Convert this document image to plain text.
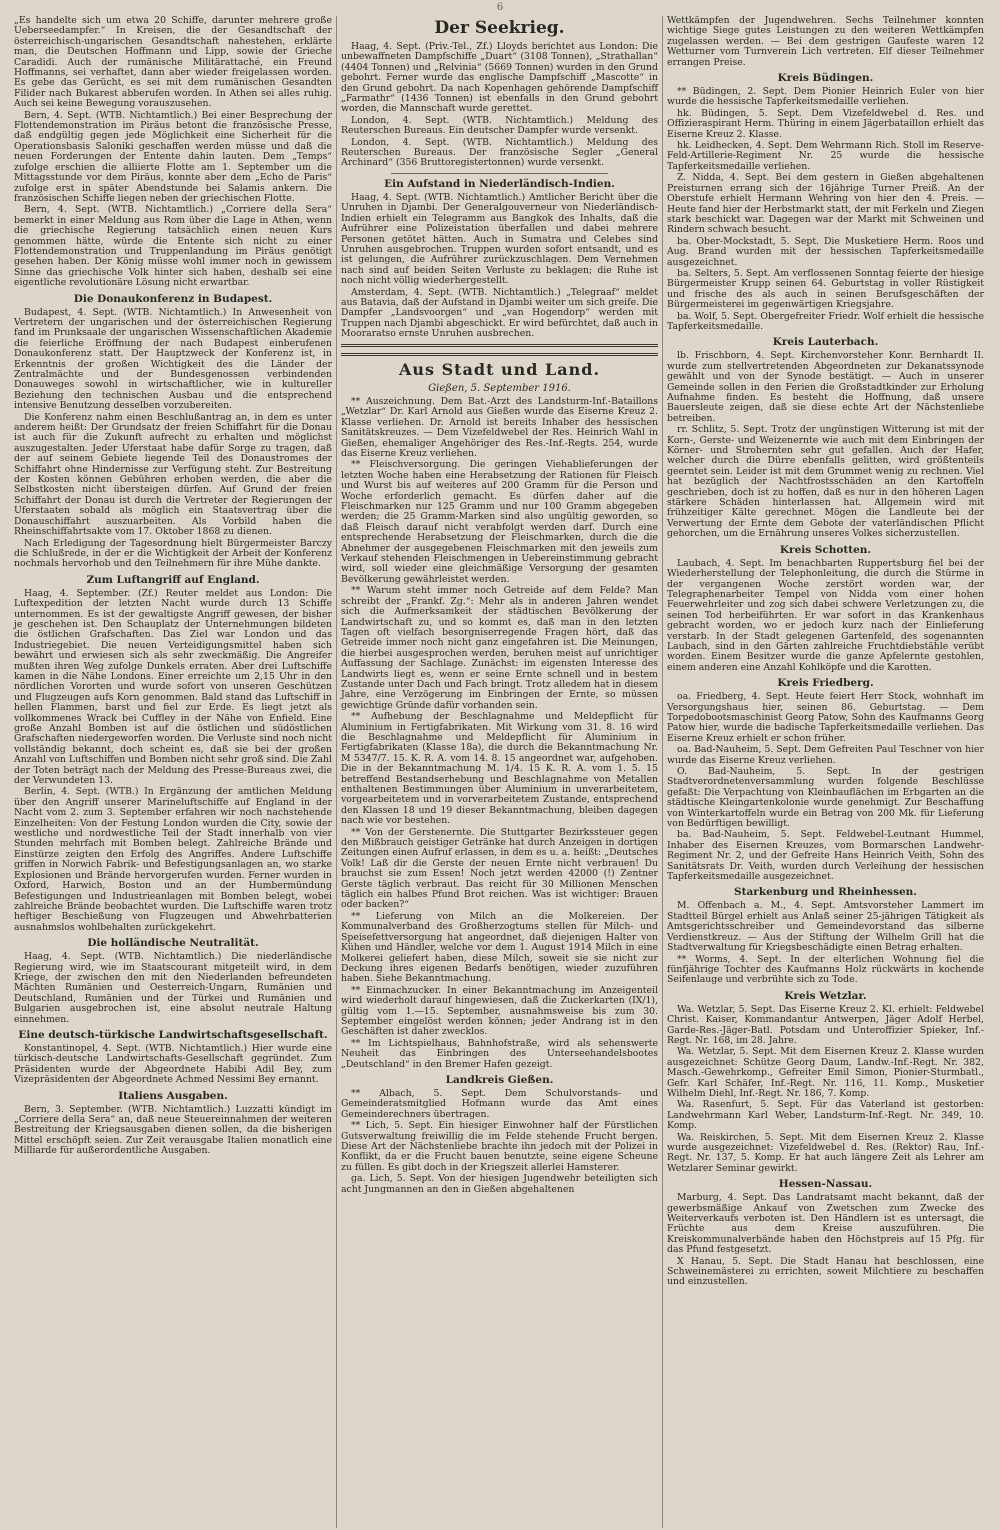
6

„Es handelte sich um etwa 20 Schiffe, darunter mehrere große Ueberseedampfer.“ In Kreisen, die der Gesandtschaft der österreichisch-ungarischen Gesandtschaft nahestehen, erklärte man, die Deutschen Hoffmann und Lipp, sowie der Grieche Caradidi. Auch der rumänische Militärattaché, ein Freund Hoffmanns, sei verhaftet, dann aber wieder freigelassen worden. Es gebe das Gerücht, es sei mit dem rumänischen Gesandten Filider nach Bukarest abberufen worden. In Athen sei alles ruhig. Auch sei keine Bewegung vorauszusehen.

Bern, 4. Sept. (WTB. Nichtamtlich.) Bei einer Besprechung der Flottendemonstration im Piräus betont die französische Presse, daß endgültig gegen jede Möglichkeit eine Sicherheit für die Operationsbasis Saloniki geschaffen werden müsse und daß die neuen Forderungen der Entente dahin lauten. Dem „Temps“ zufolge erschien die alliierte Flotte am 1. September um die Mittagsstunde vor dem Piräus, konnte aber dem „Echo de Paris“ zufolge erst in später Abendstunde bei Salamis ankern. Die französischen Schiffe liegen neben der griechischen Flotte.

Bern, 4. Sept. (WTB. Nichtamtlich.) „Corriere della Sera“ bemerkt in einer Meldung aus Rom über die Lage in Athen, wenn die griechische Regierung tatsächlich einen neuen Kurs genommen hätte, würde die Entente sich nicht zu einer Flottendemonstration und Truppenlandung im Piräus genötigt gesehen haben. Der König müsse wohl immer noch in gewissem Sinne das griechische Volk hinter sich haben, deshalb sei eine eigentliche revolutionäre Lösung nicht erwartbar.

Die Donaukonferenz in Budapest.

Budapest, 4. Sept. (WTB. Nichtamtlich.) In Anwesenheit von Vertretern der ungarischen und der österreichischen Regierung fand im Prunksaale der ungarischen Wissenschaftlichen Akademie die feierliche Eröffnung der nach Budapest einberufenen Donaukonferenz statt. Der Hauptzweck der Konferenz ist, in Erkenntnis der großen Wichtigkeit des die Länder der Zentralmächte und der Bundesgenossen verbindenden Donauweges sowohl in wirtschaftlicher, wie in kultureller Beziehung den technischen Ausbau und die entsprechend intensive Benutzung desselben vorzubereiten.

Die Konferenz nahm einen Beschlußantrag an, in dem es unter anderem heißt: Der Grundsatz der freien Schiffahrt für die Donau ist auch für die Zukunft aufrecht zu erhalten und möglichst auszugestalten. Jeder Uferstaat habe dafür Sorge zu tragen, daß der auf seinem Gebiete liegende Teil des Donaustromes der Schiffahrt ohne Hindernisse zur Verfügung steht. Zur Bestreitung der Kosten können Gebühren erhoben werden, die aber die Selbstkosten nicht übersteigen dürfen. Auf Grund der freien Schiffahrt der Donau ist durch die Vertreter der Regierungen der Uferstaaten sobald als möglich ein Staatsvertrag über die Donauschiffahrt auszuarbeiten. Als Vorbild haben die Rheinschiffahrtsakte vom 17. Oktober 1868 zu dienen.

Nach Erledigung der Tagesordnung hielt Bürgermeister Barczy die Schlußrede, in der er die Wichtigkeit der Arbeit der Konferenz nochmals hervorhob und den Teilnehmern für ihre Mühe dankte.

Zum Luftangriff auf England.

Haag, 4. September. (Zf.) Reuter meldet aus London: Die Luftexpedition der letzten Nacht wurde durch 13 Schiffe unternommen. Es ist der gewaltigste Angriff gewesen, der bisher je geschehen ist. Den Schauplatz der Unternehmungen bildeten die östlichen Grafschaften. Das Ziel war London und das Industriegebiet. Die neuen Verteidigungsmittel haben sich bewährt und erwiesen sich als sehr zweckmäßig. Die Angreifer mußten ihren Weg zufolge Dunkels erraten. Aber drei Luftschiffe kamen in die Nähe Londons. Einer erreichte um 2,15 Uhr in den nördlichen Vororten und wurde sofort von unseren Geschützen und Flugzeugen aufs Korn genommen. Bald stand das Luftschiff in hellen Flammen, barst und fiel zur Erde. Es liegt jetzt als vollkommenes Wrack bei Cuffley in der Nähe von Enfield. Eine große Anzahl Bomben ist auf die östlichen und südöstlichen Grafschaften niedergeworfen worden. Die Verluste sind noch nicht vollständig bekannt, doch scheint es, daß sie bei der großen Anzahl von Luftschiffen und Bomben nicht sehr groß sind. Die Zahl der Toten beträgt nach der Meldung des Presse-Bureaus zwei, die der Verwundeten 13.

Berlin, 4. Sept. (WTB.) In Ergänzung der amtlichen Meldung über den Angriff unserer Marineluftschiffe auf England in der Nacht vom 2. zum 3. September erfahren wir noch nachstehende Einzelheiten: Von der Festung London wurden die City, sowie der westliche und nordwestliche Teil der Stadt innerhalb von vier Stunden mehrfach mit Bomben belegt. Zahlreiche Brände und Einstürze zeigten den Erfolg des Angriffes. Andere Luftschiffe griffen in Norwich Fabrik- und Befestigungsanlagen an, wo starke Explosionen und Brände hervorgerufen wurden. Ferner wurden in Oxford, Harwich, Boston und an der Humbermündung Befestigungen und Industrieanlagen mit Bomben belegt, wobei zahlreiche Brände beobachtet wurden. Die Luftschiffe waren trotz heftiger Beschießung von Flugzeugen und Abwehrbatterien ausnahmslos wohlbehalten zurückgekehrt.

Die holländische Neutralität.

Haag, 4. Sept. (WTB. Nichtamtlich.) Die niederländische Regierung wird, wie im Staatscourant mitgeteilt wird, in dem Kriege, der zwischen den mit den Niederlanden befreundeten Mächten Rumänien und Oesterreich-Ungarn, Rumänien und Deutschland, Rumänien und der Türkei und Rumänien und Bulgarien ausgebrochen ist, eine absolut neutrale Haltung einnehmen.

Eine deutsch-türkische Landwirtschaftsgesellschaft.

Konstantinopel, 4. Sept. (WTB. Nichtamtlich.) Hier wurde eine türkisch-deutsche Landwirtschafts-Gesellschaft gegründet. Zum Präsidenten wurde der Abgeordnete Habibi Adil Bey, zum Vizepräsidenten der Abgeordnete Achmed Nessimi Bey ernannt.

Italiens Ausgaben.

Bern, 3. September. (WTB. Nichtamtlich.) Luzzatti kündigt im „Corriere della Sera“ an, daß neue Steuereinnahmen der weiteren Bestreitung der Kriegsausgaben dienen sollen, da die bisherigen Mittel erschöpft seien. Zur Zeit verausgabe Italien monatlich eine Milliarde für außerordentliche Ausgaben.

Der Seekrieg.

Haag, 4. Sept. (Priv.-Tel., Zf.) Lloyds berichtet aus London: Die unbewaffneten Dampfschiffe „Duart“ (3108 Tonnen), „Strathallan“ (4404 Tonnen) und „Relvinia“ (5669 Tonnen) wurden in den Grund gebohrt. Ferner wurde das englische Dampfschiff „Mascotte“ in den Grund gebohrt. Da nach Kopenhagen gehörende Dampfschiff „Farmathr“ (1436 Tonnen) ist ebenfalls in den Grund gebohrt worden, die Mannschaft wurde gerettet.

London, 4. Sept. (WTB. Nichtamtlich.) Meldung des Reuterschen Bureaus. Ein deutscher Dampfer wurde versenkt.

London, 4. Sept. (WTB. Nichtamtlich.) Meldung des Reuterschen Bureaus. Der französische Segler „General Archinard“ (356 Bruttoregistertonnen) wurde versenkt.

Ein Aufstand in Niederländisch-Indien.

Haag, 4. Sept. (WTB. Nichtamtlich.) Amtlicher Bericht über die Unruhen in Djambi. Der Generalgouverneur von Niederländisch-Indien erhielt ein Telegramm aus Bangkok des Inhalts, daß die Aufrührer eine Polizeistation überfallen und dabei mehrere Personen getötet hätten. Auch in Sumatra und Celebes sind Unruhen ausgebrochen. Truppen wurden sofort entsandt, und es ist gelungen, die Aufrührer zurückzuschlagen. Dem Vernehmen nach sind auf beiden Seiten Verluste zu beklagen; die Ruhe ist noch nicht völlig wiederhergestellt.

Amsterdam, 4. Sept. (WTB. Nichtamtlich.) „Telegraaf“ meldet aus Batavia, daß der Aufstand in Djambi weiter um sich greife. Die Dampfer „Landsvoorgen“ und „van Hogendorp“ werden mit Truppen nach Djambi abgeschickt. Er wird befürchtet, daß auch in Mooraratso ernste Unruhen ausbrechen.

Aus Stadt und Land.
Gießen, 5. September 1916.

** Auszeichnung. Dem Bat.-Arzt des Landsturm-Inf.-Bataillons „Wetzlar“ Dr. Karl Arnold aus Gießen wurde das Eiserne Kreuz 2. Klasse verliehen. Dr. Arnold ist bereits Inhaber des hessischen Sanitätskreuzes. — Dem Vizefeldwebel der Res. Heinrich Wahl in Gießen, ehemaliger Angehöriger des Res.-Inf.-Regts. 254, wurde das Eiserne Kreuz verliehen.

** Fleischversorgung. Die geringen Viehablieferungen der letzten Woche haben eine Herabsetzung der Rationen für Fleisch und Wurst bis auf weiteres auf 200 Gramm für die Person und Woche erforderlich gemacht. Es dürfen daher auf die Fleischmarken nur 125 Gramm und nur 100 Gramm abgegeben werden; die 25 Gramm-Marken sind also ungültig geworden, so daß Fleisch darauf nicht verabfolgt werden darf. Durch eine entsprechende Herabsetzung der Fleischmarken, durch die die Abnehmer der ausgegebenen Fleischmarken mit den jeweils zum Verkauf stehenden Fleischmengen in Uebereinstimmung gebracht wird, soll wieder eine gleichmäßige Versorgung der gesamten Bevölkerung gewährleistet werden.

** Warum steht immer noch Getreide auf dem Felde? Man schreibt der „Frankf. Zg.“: Mehr als in anderen Jahren wendet sich die Aufmerksamkeit der städtischen Bevölkerung der Landwirtschaft zu, und so kommt es, daß man in den letzten Tagen oft vielfach besorgniserregende Fragen hört, daß das Getreide immer noch nicht ganz eingefahren ist. Die Meinungen, die hierbei ausgesprochen werden, beruhen meist auf unrichtiger Auffassung der Sachlage. Zunächst: im eigensten Interesse des Landwirts liegt es, wenn er seine Ernte schnell und in bestem Zustande unter Dach und Fach bringt. Trotz alledem hat in diesem Jahre, eine Verzögerung im Einbringen der Ernte, so müssen gewichtige Gründe dafür vorhanden sein.

** Aufhebung der Beschlagnahme und Meldepflicht für Aluminium in Fertigfabrikaten. Mit Wirkung vom 31. 8. 16 wird die Beschlagnahme und Meldepflicht für Aluminium in Fertigfabrikaten (Klasse 18a), die durch die Bekanntmachung Nr. M 5347/7. 15. K. R. A. vom 14. 8. 15 angeordnet war, aufgehoben. Die in der Bekanntmachung M. 1/4. 15 K. R. A. vom 1. 5. 15 betreffend Bestandserhebung und Beschlagnahme von Metallen enthaltenen Bestimmungen über Aluminium in unverarbeitetem, vorgearbeitetem und in vorverarbeitetem Zustande, entsprechend den Klassen 18 und 19 dieser Bekanntmachung, bleiben dagegen nach wie vor bestehen.

** Von der Gerstenernte. Die Stuttgarter Bezirkssteuer gegen den Mißbrauch geistiger Getränke hat durch Anzeigen in dortigen Zeitungen einen Aufruf erlassen, in dem es u. a. heißt: „Deutsches Volk! Laß dir die Gerste der neuen Ernte nicht verbrauen! Du brauchst sie zum Essen! Noch jetzt werden 42000 (!) Zentner Gerste täglich verbraut. Das reicht für 30 Millionen Menschen täglich ein halbes Pfund Brot reichen. Was ist wichtiger: Brauen oder backen?“

** Lieferung von Milch an die Molkereien. Der Kommunalverband des Großherzogtums stellen für Milch- und Speisefettversorgung hat angeordnet, daß diejenigen Halter von Kühen und Händler, welche vor dem 1. August 1914 Milch in eine Molkerei geliefert haben, diese Milch, soweit sie sie nicht zur Deckung ihres eigenen Bedarfs benötigen, wieder zuzuführen haben. Siehe Bekanntmachung.

** Einmachzucker. In einer Bekanntmachung im Anzeigenteil wird wiederholt darauf hingewiesen, daß die Zuckerkarten (IX/1), gültig vom 1.—15. September, ausnahmsweise bis zum 30. September eingelöst werden können; jeder Andrang ist in den Geschäften ist daher zwecklos.

** Im Lichtspielhaus, Bahnhofstraße, wird als sehenswerte Neuheit das Einbringen des Unterseehandelsbootes „Deutschland“ in den Bremer Hafen gezeigt.

Landkreis Gießen.

** Albach, 5. Sept. Dem Schulvorstands- und Gemeinderatsmitglied Hofmann wurde das Amt eines Gemeinderechners übertragen.

** Lich, 5. Sept. Ein hiesiger Einwohner half der Fürstlichen Gutsverwaltung freiwillig die im Felde stehende Frucht bergen. Diese Art der Nächstenliebe brachte ihn jedoch mit der Polizei in Konflikt, da er die Frucht bauen benutzte, seine eigene Scheune zu füllen. Es gibt doch in der Kriegszeit allerlei Hamsterer.

ga. Lich, 5. Sept. Von der hiesigen Jugendwehr beteiligten sich acht Jungmannen an den in Gießen abgehaltenen

Wettkämpfen der Jugendwehren. Sechs Teilnehmer konnten wichtige Siege gutes Leistungen zu den weiteren Wettkämpfen zugelassen werden. — Bei dem gestrigen Gaufeste waren 12 Wetturner vom Turnverein Lich vertreten. Elf dieser Teilnehmer errangen Preise.

Kreis Büdingen.

** Büdingen, 2. Sept. Dem Pionier Heinrich Euler von hier wurde die hessische Tapferkeitsmedaille verliehen.

hk. Büdingen, 5. Sept. Dem Vizefeldwebel d. Res. und Offizieraspirant Herm. Thüring in einem Jägerbataillon erhielt das Eiserne Kreuz 2. Klasse.

hk. Leidhecken, 4. Sept. Dem Wehrmann Rich. Stoll im Reserve-Feld-Artillerie-Regiment Nr. 25 wurde die hessische Tapferkeitsmedaille verliehen.

Z. Nidda, 4. Sept. Bei dem gestern in Gießen abgehaltenen Preisturnen errang sich der 16jährige Turner Preiß. An der Oberstufe erhielt Hermann Wehring von hier den 4. Preis. — Heute fand hier der Herbstmarkt statt, der mit Ferkeln und Ziegen stark beschickt war. Dagegen war der Markt mit Schweinen und Rindern schwach besucht.

ba. Ober-Mockstadt, 5. Sept. Die Musketiere Herm. Roos und Aug. Brand wurden mit der hessischen Tapferkeitsmedaille ausgezeichnet.

ba. Selters, 5. Sept. Am verflossenen Sonntag feierte der hiesige Bürgermeister Krupp seinen 64. Geburtstag in voller Rüstigkeit und frische des als auch in seinen Berufsgeschäften der Bürgermeisterei im gegenwärtigen Kriegsjahre.

ba. Wolf, 5. Sept. Obergefreiter Friedr. Wolf erhielt die hessische Tapferkeitsmedaille.

Kreis Lauterbach.

lb. Frischborn, 4. Sept. Kirchenvorsteher Konr. Bernhardt II. wurde zum stellvertretenden Abgeordneten zur Dekanatssynode gewählt und von der Synode bestätigt. — Auch in unserer Gemeinde sollen in den Ferien die Großstadtkinder zur Erholung Aufnahme finden. Es besteht die Hoffnung, daß unsere Bauersleute zeigen, daß sie diese echte Art der Nächstenliebe betreiben.

rr. Schlitz, 5. Sept. Trotz der ungünstigen Witterung ist mit der Korn-, Gerste- und Weizenernte wie auch mit dem Einbringen der Körner- und Strohernten sehr gut gefallen. Auch der Hafer, welcher durch die Dürre ebenfalls gelitten, wird größtenteils geerntet sein. Leider ist mit dem Grummet wenig zu rechnen. Viel hat bezüglich der Nachtfrostsschäden an den Kartoffeln geschrieben, doch ist zu hoffen, daß es nur in den höheren Lagen stärkere Schäden hinterlassen hat. Allgemein wird mit frühzeitiger Kälte gerechnet. Mögen die Landleute bei der Verwertung der Ernte dem Gebote der vaterländischen Pflicht gehorchen, um die Ernährung unseres Volkes sicherzustellen.

Kreis Schotten.

Laubach, 4. Sept. Im benachbarten Ruppertsburg fiel bei der Wiederherstellung der Telephonleitung, die durch die Stürme in der vergangenen Woche zerstört worden war, der Telegraphenarbeiter Tempel von Nidda vom einer hohen Feuerwehrleiter und zog sich dabei schwere Verletzungen zu, die seinen Tod herbeiführten. Er war sofort in das Krankenhaus gebracht worden, wo er jedoch kurz nach der Einlieferung verstarb. In der Stadt gelegenen Gartenfeld, des sogenannten Laubach, sind in den Gärten zahlreiche Fruchtdiebstähle verübt worden. Einem Besitzer wurde die ganze Apfelernte gestohlen, einem anderen eine Anzahl Kohlköpfe und die Karotten.

Kreis Friedberg.

oa. Friedberg, 4. Sept. Heute feiert Herr Stock, wohnhaft im Versorgungshaus hier, seinen 86. Geburtstag. — Dem Torpedobootsmaschinist Georg Patow, Sohn des Kaufmanns Georg Patow hier, wurde die badische Tapferkeitsmedaille verliehen. Das Eiserne Kreuz erhielt er schon früher.

oa. Bad-Nauheim, 5. Sept. Dem Gefreiten Paul Teschner von hier wurde das Eiserne Kreuz verliehen.

O. Bad-Nauheim, 5. Sept. In der gestrigen Stadtverordnetenversammlung wurden folgende Beschlüsse gefaßt: Die Verpachtung von Kleinbauflächen im Erbgarten an die städtische Kleingartenkolonie wurde genehmigt. Zur Beschaffung von Winterkartoffeln wurde ein Betrag von 200 Mk. für Lieferung von Bedürftigen bewilligt.

ba. Bad-Nauheim, 5. Sept. Feldwebel-Leutnant Hummel, Inhaber des Eisernen Kreuzes, vom Bormarschen Landwehr-Regiment Nr. 2, und der Gefreite Hans Heinrich Veith, Sohn des Sanitätsrats Dr. Veith, wurden durch Verleihung der hessischen Tapferkeitsmedaille ausgezeichnet.

Starkenburg und Rheinhessen.

M. Offenbach a. M., 4. Sept. Amtsvorsteher Lammert im Stadtteil Bürgel erhielt aus Anlaß seiner 25-jährigen Tätigkeit als Amtsgerichtsschreiber und Gemeindevorstand das silberne Verdienstkreuz. — Aus der Stiftung der Wilhelm Grill hat die Stadtverwaltung für Kriegsbeschädigte einen Betrag erhalten.

** Worms, 4. Sept. In der elterlichen Wohnung fiel die fünfjährige Tochter des Kaufmanns Holz rückwärts in kochende Seifenlauge und verbrühte sich zu Tode.

Kreis Wetzlar.

Wa. Wetzlar, 5. Sept. Das Eiserne Kreuz 2. Kl. erhielt: Feldwebel Christ. Kaiser, Kommandantur Antwerpen, Jäger Adolf Herbel, Garde-Res.-Jäger-Batl. Potsdam und Unteroffizier Spieker, Inf.-Regt. Nr. 168, im 28. Jahre.

Wa. Wetzlar, 5. Sept. Mit dem Eisernen Kreuz 2. Klasse wurden ausgezeichnet: Schütze Georg Daum, Landw.-Inf.-Regt. Nr. 382, Masch.-Gewehrkomp., Gefreiter Emil Simon, Pionier-Sturmbatl., Gefr. Karl Schäfer, Inf.-Regt. Nr. 116, 11. Komp., Musketier Wilhelm Diehl, Inf.-Regt. Nr. 186, 7. Komp.

Wa. Rasenfurt, 5. Sept. Für das Vaterland ist gestorben: Landwehrmann Karl Weber, Landsturm-Inf.-Regt. Nr. 349, 10. Komp.

Wa. Reiskirchen, 5. Sept. Mit dem Eisernen Kreuz 2. Klasse wurde ausgezeichnet: Vizefeldwebel d. Res. (Rektor) Rau, Inf.-Regt. Nr. 137, 5. Komp. Er hat auch längere Zeit als Lehrer am Wetzlarer Seminar gewirkt.

Hessen-Nassau.

Marburg, 4. Sept. Das Landratsamt macht bekannt, daß der gewerbsmäßige Ankauf von Zwetschen zum Zwecke des Weiterverkaufs verboten ist. Den Händlern ist es untersagt, die Früchte aus dem Kreise auszuführen. Die Kreiskommunalverbände haben den Höchstpreis auf 15 Pfg. für das Pfund festgesetzt.

X Hanau, 5. Sept. Die Stadt Hanau hat beschlossen, eine Schweinemästerei zu errichten, soweit Milchtiere zu beschaffen und einzustellen.
